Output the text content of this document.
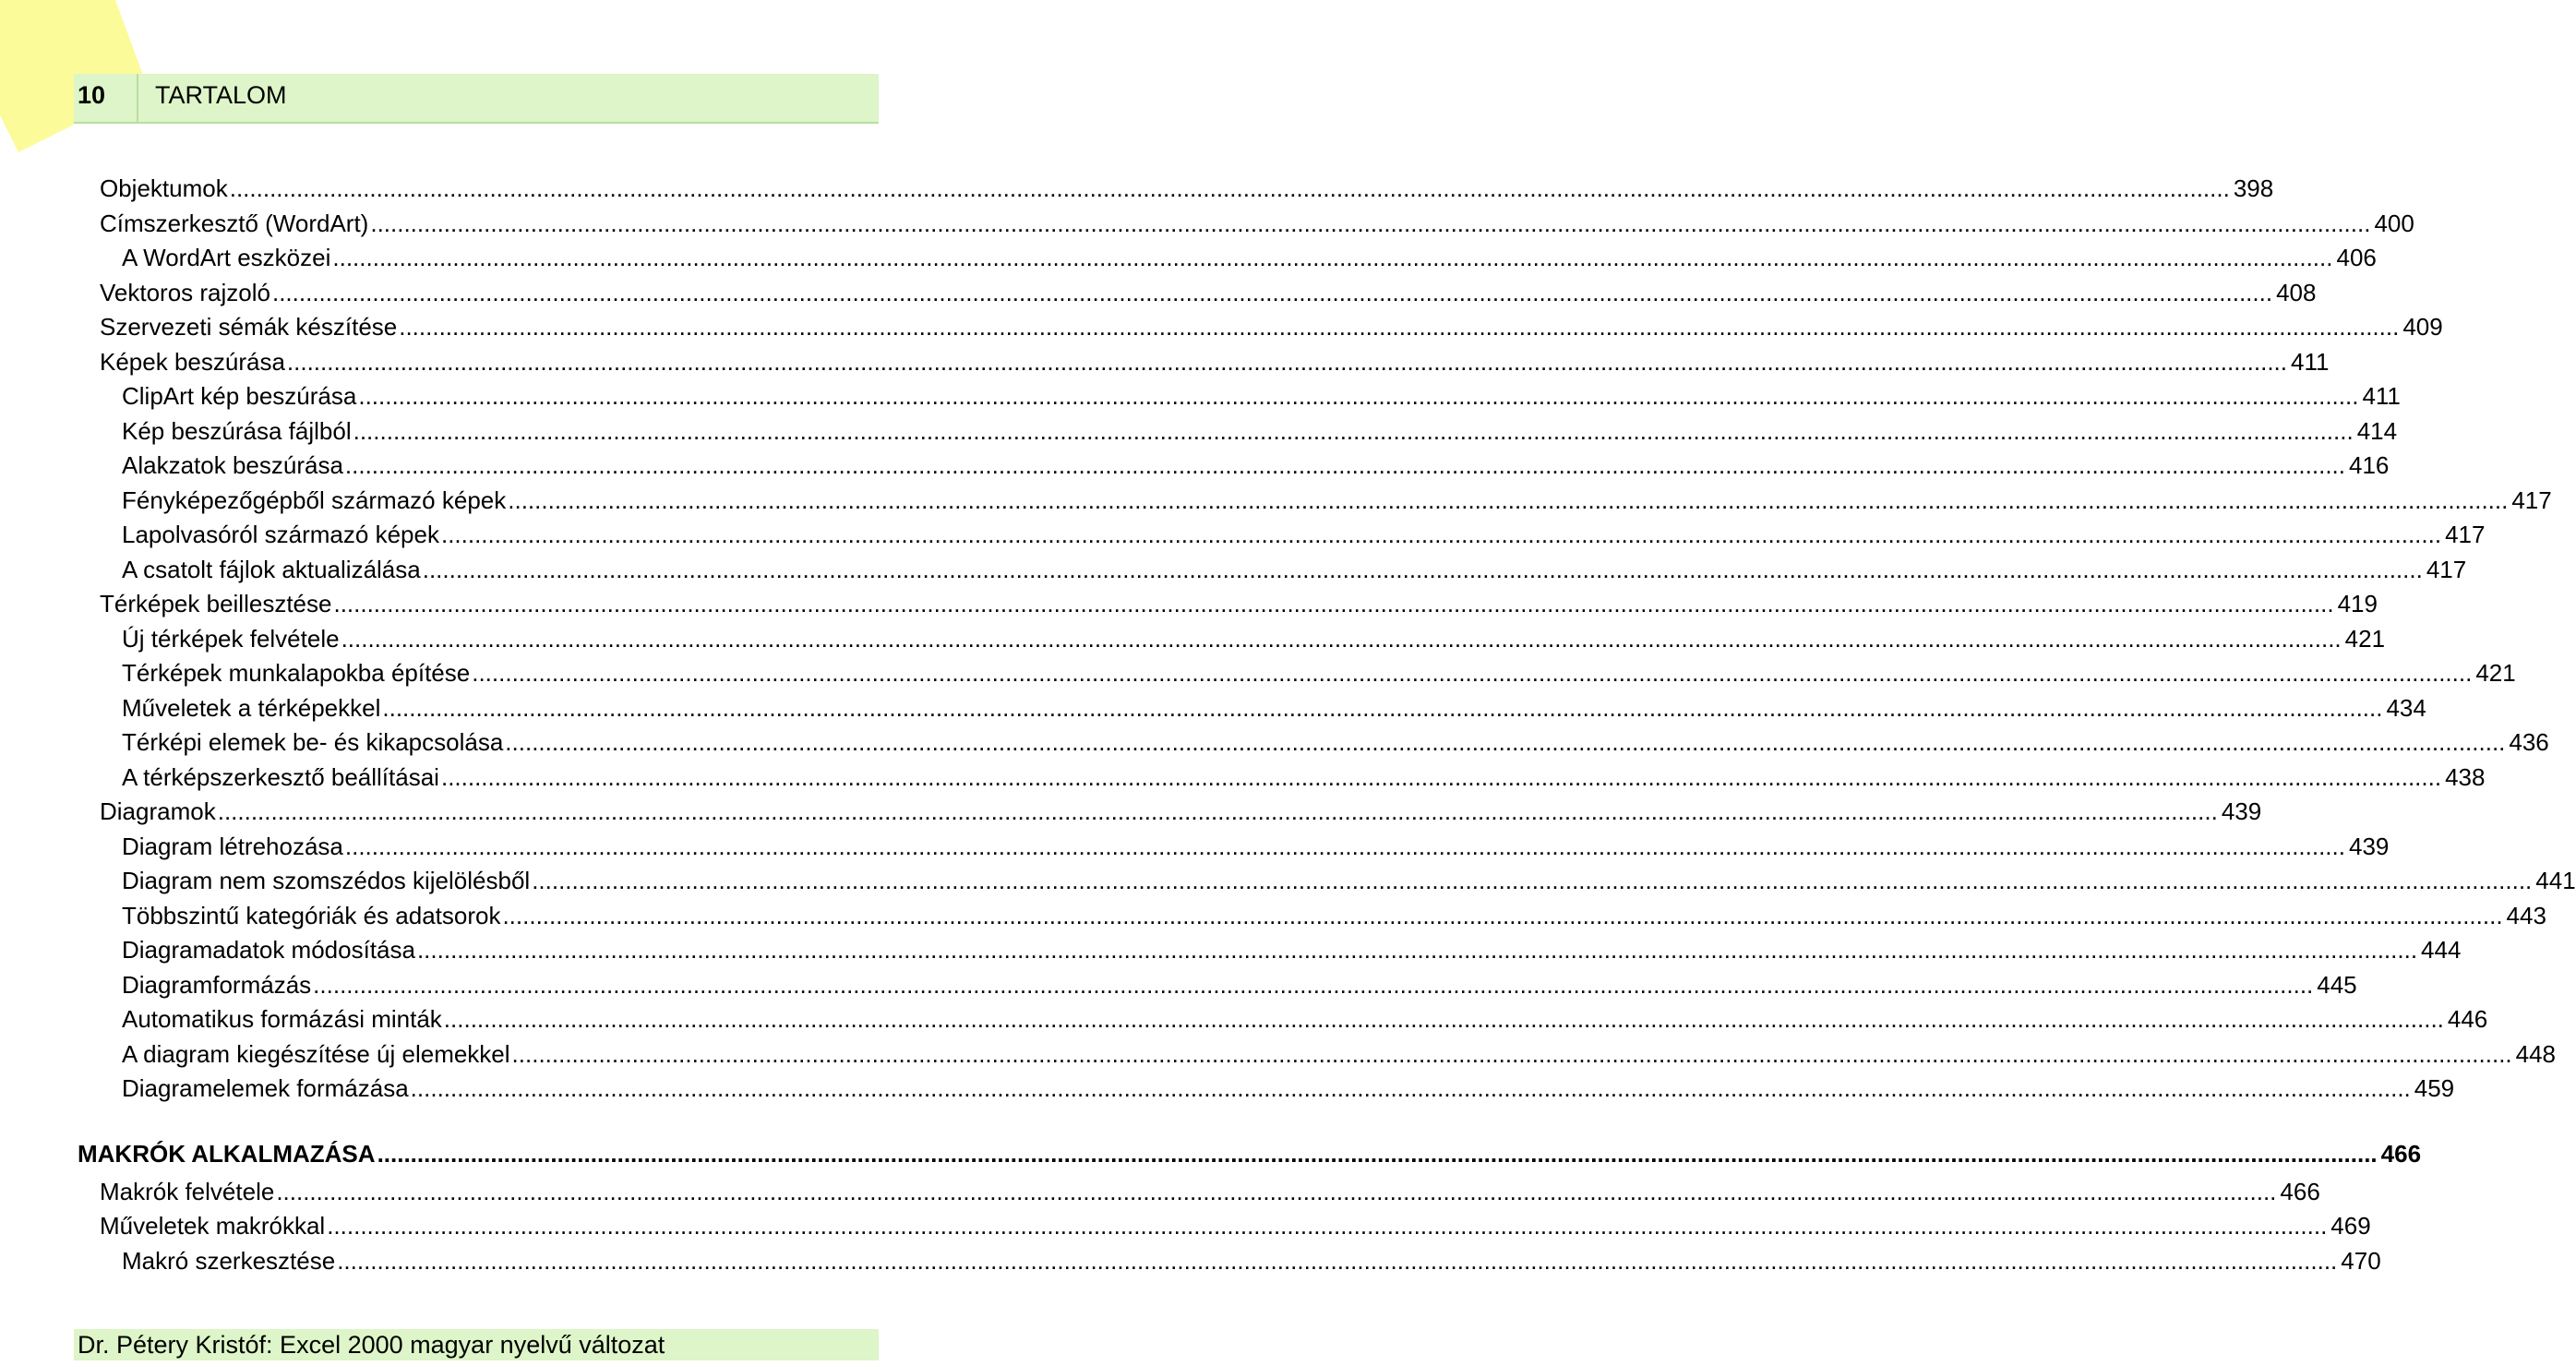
10	TARTALOM
Objektumok ............................................................................................................................................................................................................................................................................................................ 398
Címszerkesztő (WordArt) ............................................................................................................................................................................................................................................................................................................ 400
A WordArt eszközei ............................................................................................................................................................................................................................................................................................................ 406
Vektoros rajzoló ............................................................................................................................................................................................................................................................................................................ 408
Szervezeti sémák készítése ............................................................................................................................................................................................................................................................................................................ 409
Képek beszúrása ............................................................................................................................................................................................................................................................................................................ 411
ClipArt kép beszúrása ............................................................................................................................................................................................................................................................................................................ 411
Kép beszúrása fájlból ............................................................................................................................................................................................................................................................................................................ 414
Alakzatok beszúrása ............................................................................................................................................................................................................................................................................................................ 416
Fényképezőgépből származó képek ............................................................................................................................................................................................................................................................................................................ 417
Lapolvasóról származó képek ............................................................................................................................................................................................................................................................................................................ 417
A csatolt fájlok aktualizálása ............................................................................................................................................................................................................................................................................................................ 417
Térképek beillesztése ............................................................................................................................................................................................................................................................................................................ 419
Új térképek felvétele ............................................................................................................................................................................................................................................................................................................ 421
Térképek munkalapokba építése ............................................................................................................................................................................................................................................................................................................ 421
Műveletek a térképekkel ............................................................................................................................................................................................................................................................................................................ 434
Térképi elemek be- és kikapcsolása ............................................................................................................................................................................................................................................................................................................ 436
A térképszerkesztő beállításai ............................................................................................................................................................................................................................................................................................................ 438
Diagramok ............................................................................................................................................................................................................................................................................................................ 439
Diagram létrehozása ............................................................................................................................................................................................................................................................................................................ 439
Diagram nem szomszédos kijelölésből ............................................................................................................................................................................................................................................................................................................ 441
Többszintű kategóriák és adatsorok ............................................................................................................................................................................................................................................................................................................ 443
Diagramadatok módosítása ............................................................................................................................................................................................................................................................................................................ 444
Diagramformázás ............................................................................................................................................................................................................................................................................................................ 445
Automatikus formázási minták ............................................................................................................................................................................................................................................................................................................ 446
A diagram kiegészítése új elemekkel ............................................................................................................................................................................................................................................................................................................ 448
Diagramelemek formázása ............................................................................................................................................................................................................................................................................................................ 459
MAKRÓK ALKALMAZÁSA ............................................................................................................................................................................................................................................................................................................ 466
Makrók felvétele ............................................................................................................................................................................................................................................................................................................ 466
Műveletek makrókkal ............................................................................................................................................................................................................................................................................................................ 469
Makró szerkesztése ............................................................................................................................................................................................................................................................................................................ 470
Dr. Pétery Kristóf: Excel 2000 magyar nyelvű változat
